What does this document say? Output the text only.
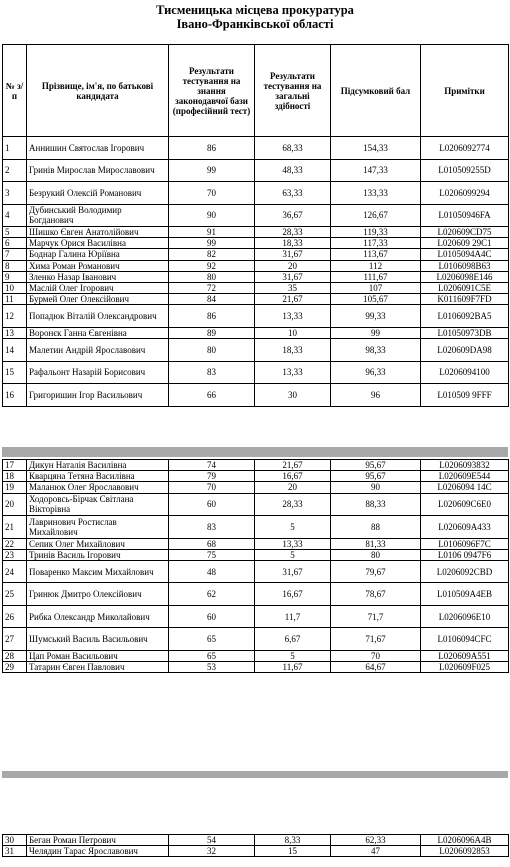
Тисменицька місцева прокуратура
Івано-Франківської області
№ з/п	Прізвище, ім'я, по батькові кандидата	Результати тестування на знання законодавчої бази (професійний тест)	Результати тестування на загальні здібності	Підсумковий бал	Примітки
1	Аннишин Святослав Ігорович	86	68,33	154,33	L0206092774
2	Гринів Мирослав Мирославович	99	48,33	147,33	L010509255D
3	Безрукий Олексій Романович	70	63,33	133,33	L0206099294
4	Дубинський Володимир Богданович	90	36,67	126,67	L01050946FA
5	Шишко Євген Анатолійович	91	28,33	119,33	L020609CD75
6	Марчук Орися Василівна	99	18,33	117,33	L020609 29C1
7	Боднар Галина Юріївна	82	31,67	113,67	L0105094A4C
8	Хима Роман Романович	92	20	112	L0106098B63
9	Зленко Назар Іванович	80	31,67	111,67	L0206098E146
10	Маслій Олег Ігорович	72	35	107	L0206091C5E
11	Бурмей Олег Олексійович	84	21,67	105,67	K011609F7FD
12	Попадюк Віталій Олександрович	86	13,33	99,33	L0106092BA5
13	Воронєк Ганна Євгенівна	89	10	99	L01050973DB
14	Малетин Андрій Ярославович	80	18,33	98,33	L020609DA98
15	Рафальонт Назарій Борисович	83	13,33	96,33	L0206094100
16	Григоришин Ігор Васильович	66	30	96	L010509 9FFF
17	Дикун Наталія Василівна	74	21,67	95,67	L0206093832
18	Кварцяна Тетяна Василівна	79	16,67	95,67	L020609E544
19	Маланюк Олег Ярославович	70	20	90	L0206094 14C
20	Ходоровсь-Бірчак Світлана Вікторівна	60	28,33	88,33	L020609C6E0
21	Лавринович Ростислав Михайлович	83	5	88	L020609A433
22	Сепик Олег Михайлович	68	13,33	81,33	L0106096F7C
23	Тринів Василь Ігорович	75	5	80	L0106 0947F6
24	Поваренко Максим Михайлович	48	31,67	79,67	L0206092CBD
25	Гринюк Дмитро Олексійович	62	16,67	78,67	L010509A4EB
26	Рибка Олександр Миколайович	60	11,7	71,7	L0206096E10
27	Шумський Василь Васильович	65	6,67	71,67	L0106094CFC
28	Цап Роман Васильович	65	5	70	L020609A551
29	Татарин Євген Павлович	53	11,67	64,67	L020609F025
30	Беган Роман Петрович	54	8,33	62,33	L0206096A4B
31	Челядин Тарас Ярославович	32	15	47	L0206092853
